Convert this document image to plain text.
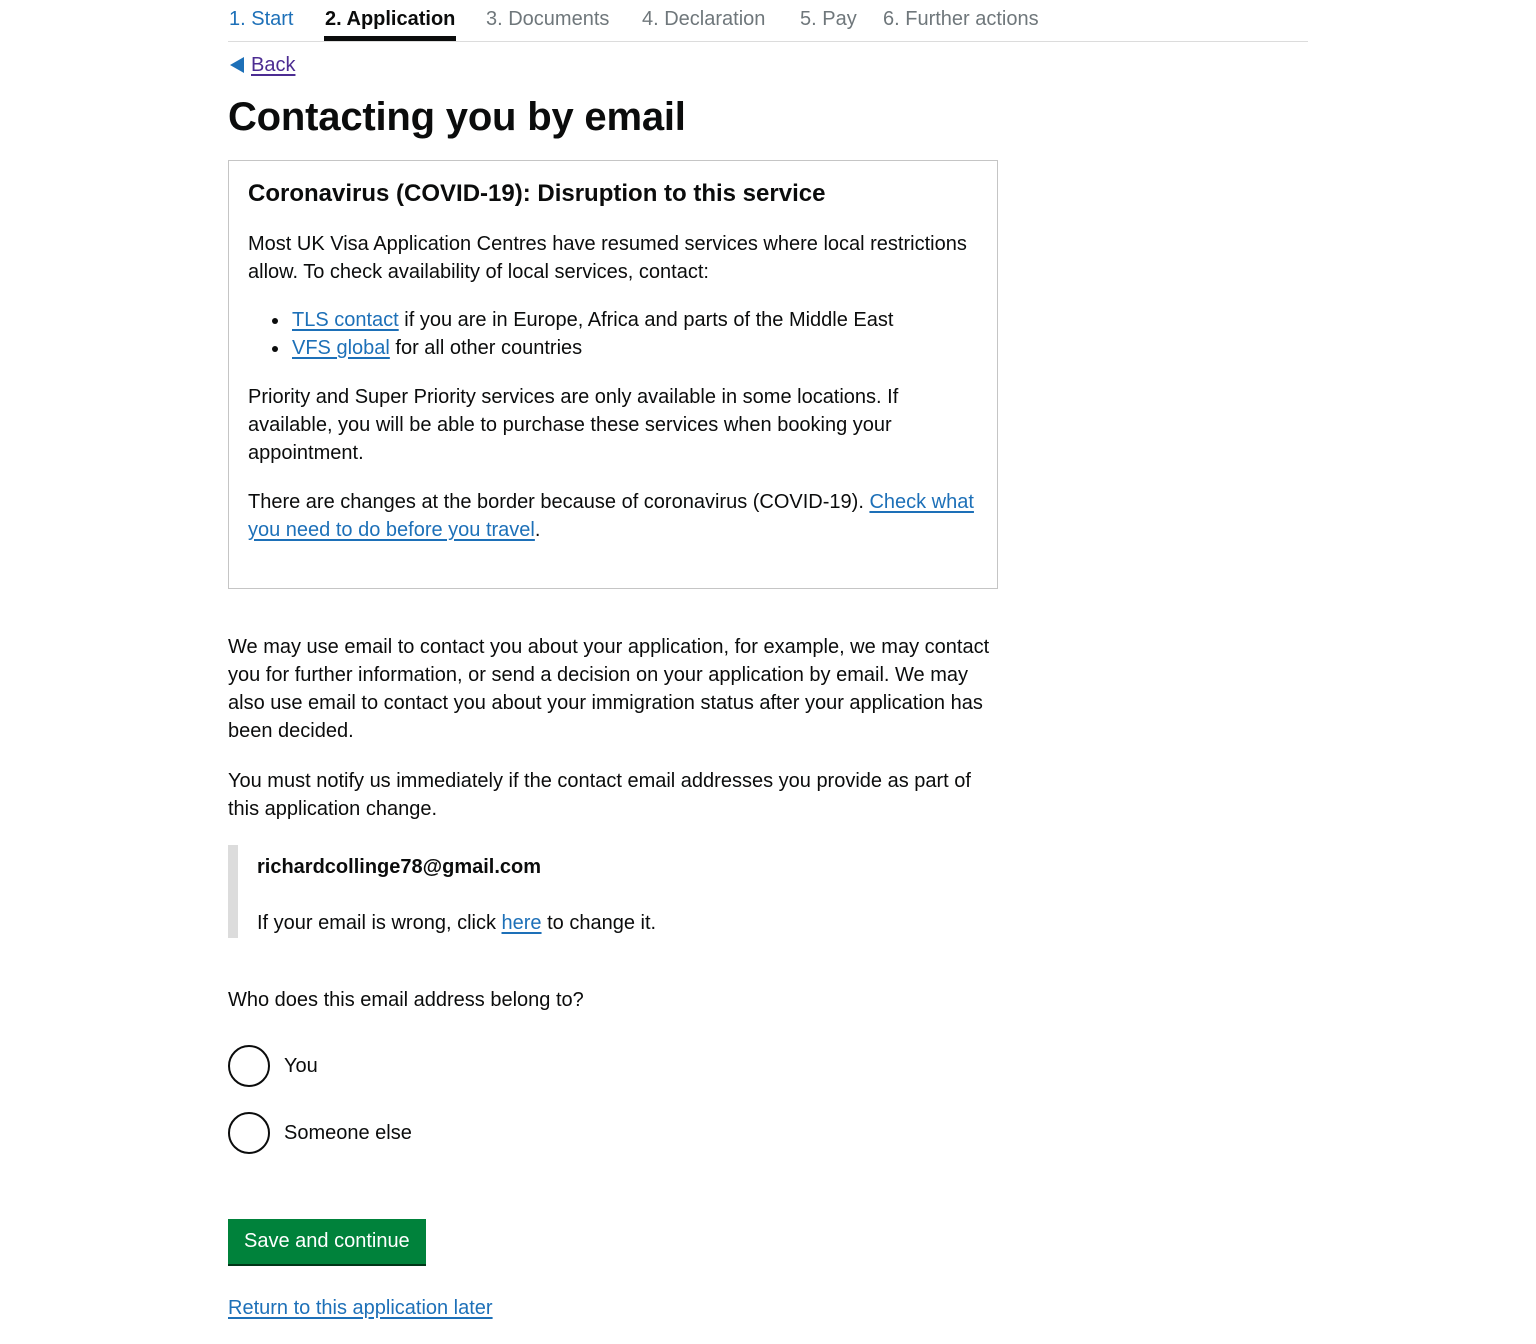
1. Start 2. Application 3. Documents 4. Declaration 5. Pay 6. Further actions
Back
Contacting you by email
Coronavirus (COVID-19): Disruption to this service

Most UK Visa Application Centres have resumed services where local restrictions allow. To check availability of local services, contact:

TLS contact if you are in Europe, Africa and parts of the Middle East
VFS global for all other countries

Priority and Super Priority services are only available in some locations. If available, you will be able to purchase these services when booking your appointment.

There are changes at the border because of coronavirus (COVID-19). Check what you need to do before you travel.

We may use email to contact you about your application, for example, we may contact you for further information, or send a decision on your application by email. We may also use email to contact you about your immigration status after your application has been decided.

You must notify us immediately if the contact email addresses you provide as part of this application change.

richardcollinge78@gmail.com
If your email is wrong, click here to change it.
Who does this email address belong to?
You
Someone else
Save and continue
Return to this application later
